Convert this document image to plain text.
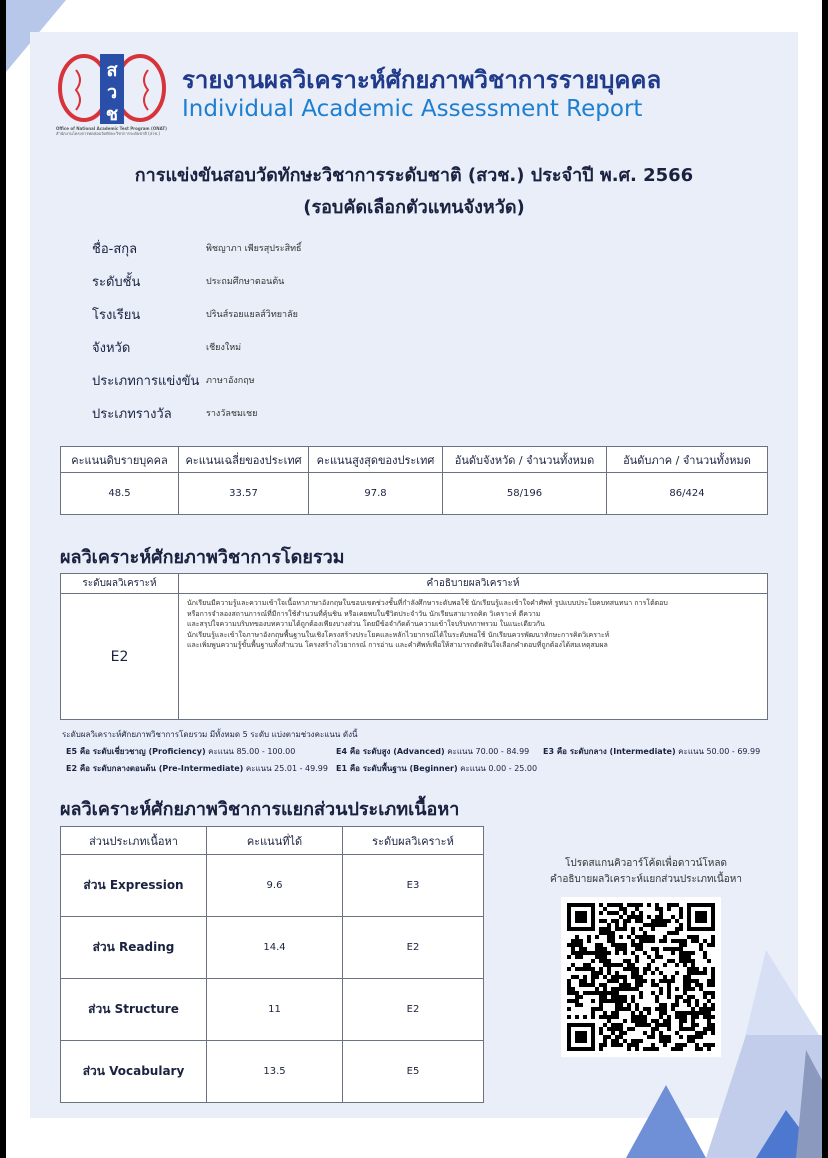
ส
ว
ช
Office of National Academic Test Program (ONAT)
สำนักงานโครงการทดสอบวัดทักษะวิชาการระดับชาติ (สวช.)
รายงานผลวิเคราะห์ศักยภาพวิชาการรายบุคคล
Individual Academic Assessment Report
การแข่งขันสอบวัดทักษะวิชาการระดับชาติ (สวช.) ประจำปี พ.ศ. 2566
(รอบคัดเลือกตัวแทนจังหวัด)
ชื่อ-สกุล	พิชญาภา เพียรสุประสิทธิ์
ระดับชั้น	ประถมศึกษาตอนต้น
โรงเรียน	ปรินส์รอยแยลส์วิทยาลัย
จังหวัด	เชียงใหม่
ประเภทการแข่งขัน ภาษาอังกฤษ
ประเภทรางวัล	รางวัลชมเชย
คะแนนดิบรายบุคคล	คะแนนเฉลี่ยของประเทศ	คะแนนสูงสุดของประเทศ	อันดับจังหวัด / จำนวนทั้งหมด	อันดับภาค / จำนวนทั้งหมด
48.5	33.57	97.8	58/196	86/424
ผลวิเคราะห์ศักยภาพวิชาการโดยรวม
ระดับผลวิเคราะห์	คำอธิบายผลวิเคราะห์
E2	นักเรียนมีความรู้และความเข้าใจเนื้อหาภาษาอังกฤษในขอบเขตช่วงชั้นที่กำลังศึกษาระดับพอใช้ นักเรียนรู้และเข้าใจคำศัพท์ รูปแบบประโยคบทสนทนา การโต้ตอบ
หรือการจำลองสถานการณ์ที่มีการใช้สำนวนที่คุ้นชิน หรือเคยพบในชีวิตประจำวัน นักเรียนสามารถคิด วิเคราะห์ ตีความ
และสรุปใจความบริบทของบทความได้ถูกต้องเพียงบางส่วน โดยมีข้อจำกัดด้านความเข้าใจบริบทภาพรวม ในแนะเดียวกัน
นักเรียนรู้และเข้าใจภาษาอังกฤษพื้นฐานในเชิงโครงสร้างประโยคและหลักไวยากรณ์ได้ในระดับพอใช้ นักเรียนควรพัฒนาทักษะการคิดวิเคราะห์
และเพิ่มพูนความรู้ขั้นพื้นฐานทั้งสำนวน โครงสร้างไวยากรณ์ การอ่าน และคำศัพท์เพื่อให้สามารถตัดสินใจเลือกคำตอบที่ถูกต้องได้สมเหตุสมผล
ระดับผลวิเคราะห์ศักยภาพวิชาการโดยรวม มีทั้งหมด 5 ระดับ แบ่งตามช่วงคะแนน ดังนี้
E5 คือ ระดับเชี่ยวชาญ (Proficiency) คะแนน 85.00 - 100.00	E4 คือ ระดับสูง (Advanced) คะแนน 70.00 - 84.99 E3 คือ ระดับกลาง (Intermediate) คะแนน 50.00 - 69.99
E2 คือ ระดับกลางตอนต้น (Pre-Intermediate) คะแนน 25.01 - 49.99 E1 คือ ระดับพื้นฐาน (Beginner) คะแนน 0.00 - 25.00
ผลวิเคราะห์ศักยภาพวิชาการแยกส่วนประเภทเนื้อหา
ส่วนประเภทเนื้อหา	คะแนนที่ได้	ระดับผลวิเคราะห์
ส่วน Expression	9.6	E3
ส่วน Reading	14.4	E2
ส่วน Structure	11	E2
ส่วน Vocabulary	13.5	E5
โปรดสแกนคิวอาร์โค้ดเพื่อดาวน์โหลด
คำอธิบายผลวิเคราะห์แยกส่วนประเภทเนื้อหา
